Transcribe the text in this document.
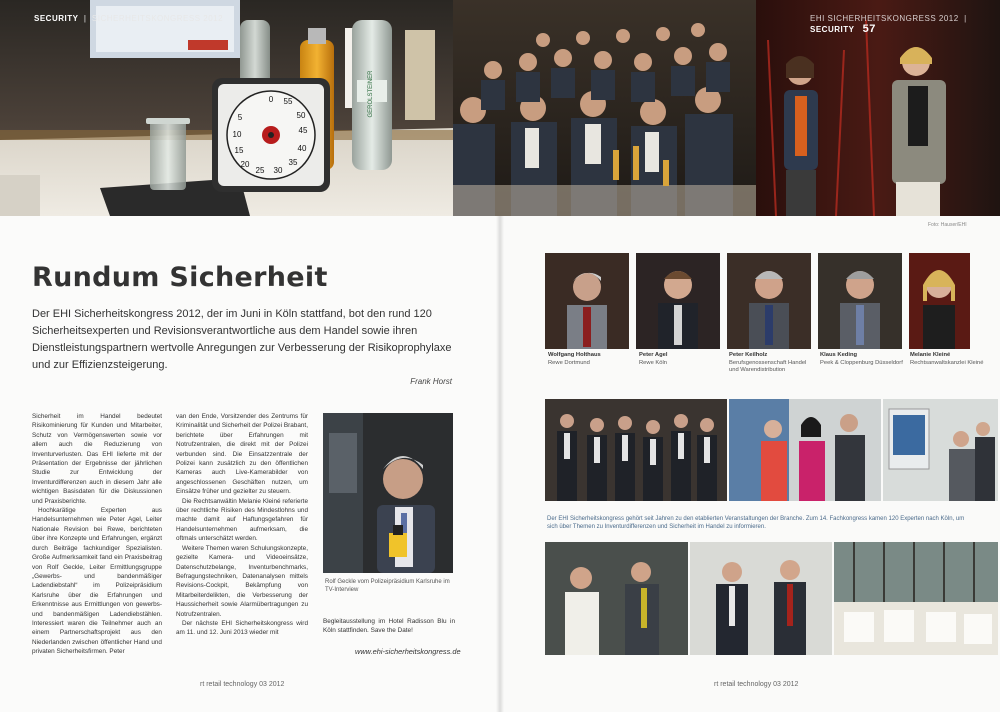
GEROLSTEINER
55
50
5
45
10
40
15
35
20
30
25
0
SECURITY  |  SICHERHEITSKONGRESS 2012	EHI SICHERHEITSKONGRESS 2012  |  SECURITY 57
Foto: Hauser/EHI
Rundum Sicherheit
Der EHI Sicherheitskongress 2012, der im Juni in Köln stattfand, bot den rund 120 Sicherheitsexperten und Revisionsverantwortliche aus dem Handel sowie ihren Dienstleistungspartnern wertvolle Anregungen zur Verbesserung der Risikoprophylaxe und zur Effizienzsteigerung.
Frank Horst

Sicherheit im Handel bedeutet Risikominierung für Kunden und Mitarbeiter, Schutz von Vermögenswerten sowie vor allem auch die Reduzierung von Inventurverlusten. Das EHI lieferte mit der Präsentation der Ergebnisse der jährlichen Studie zur Entwicklung der Inventurdifferenzen auch in diesem Jahr alle wichtigen Basisdaten für die Diskussionen und Praxisberichte.

Hochkarätige Experten aus Handelsunternehmen wie Peter Agel, Leiter Nationale Revision bei Rewe, berichteten über ihre Konzepte und Erfahrungen, ergänzt durch Beiträge fachkundiger Spezialisten. Große Aufmerksamkeit fand ein Praxisbeitrag von Rolf Geckle, Leiter Ermittlungsgruppe „Gewerbs- und bandenmäßiger Ladendiebstahl“ im Polizeipräsidium Karlsruhe über die Erfahrungen und Erkenntnisse aus Ermittlungen von gewerbs- und bandenmäßigen Ladendiebstählen. Interessiert waren die Teilnehmer auch an einem Partnerschaftsprojekt aus den Niederlanden zwischen öffentlicher Hand und privaten Sicherheitsfirmen. Peter

van den Ende, Vorsitzender des Zentrums für Kriminalität und Sicherheit der Polizei Brabant, berichtete über Erfahrungen mit Notrufzentralen, die direkt mit der Polizei verbunden sind. Die Einsatzzentrale der Polizei kann zusätzlich zu den öffentlichen Kameras auch Live-Kamerabilder von angeschlossenen Geschäften nutzen, um Einsätze früher und gezielter zu steuern.

Die Rechtsanwältin Melanie Kleiné referierte über rechtliche Risiken des Mindestlohns und machte damit auf Haftungsgefahren für Handelsunternehmen aufmerksam, die oftmals unterschätzt werden.

Weitere Themen waren Schulungskonzepte, gezielte Kamera- und Videoeinsätze, Datenschutzbelange, Inventurbenchmarks, Befragungstechniken, Datenanalysen mittels Revisions-Cockpit, Bekämpfung von Mitarbeiterdelikten, die Verbesserung der Haussicherheit sowie Alarmübertragungen zu Notrufzentralen.

Der nächste EHI Sicherheitskongress wird am 11. und 12. Juni 2013 wieder mit

Rolf Geckle vom Polizeipräsidium Karlsruhe im TV-Interview

Begleitausstellung im Hotel Radisson Blu in Köln stattfinden. Save the Date!

www.ehi-sicherheitskongress.de
rt retail technology 03 2012
Wolfgang Holthaus
Rewe Dortmund
Peter Agel
Rewe Köln
Peter Keilholz
Berufsgenossenschaft Handel und Warendistribution
Klaus Keding
Peek & Cloppenburg Düsseldorf
Melanie Kleiné
Rechtsanwaltskanzlei Kleiné
Der EHI Sicherheitskongress gehört seit Jahren zu den etablierten Veranstaltungen der Branche. Zum 14. Fachkongress kamen 120 Experten nach Köln, um sich über Themen zu Inventurdifferenzen und Sicherheit im Handel zu informieren.
rt retail technology 03 2012
